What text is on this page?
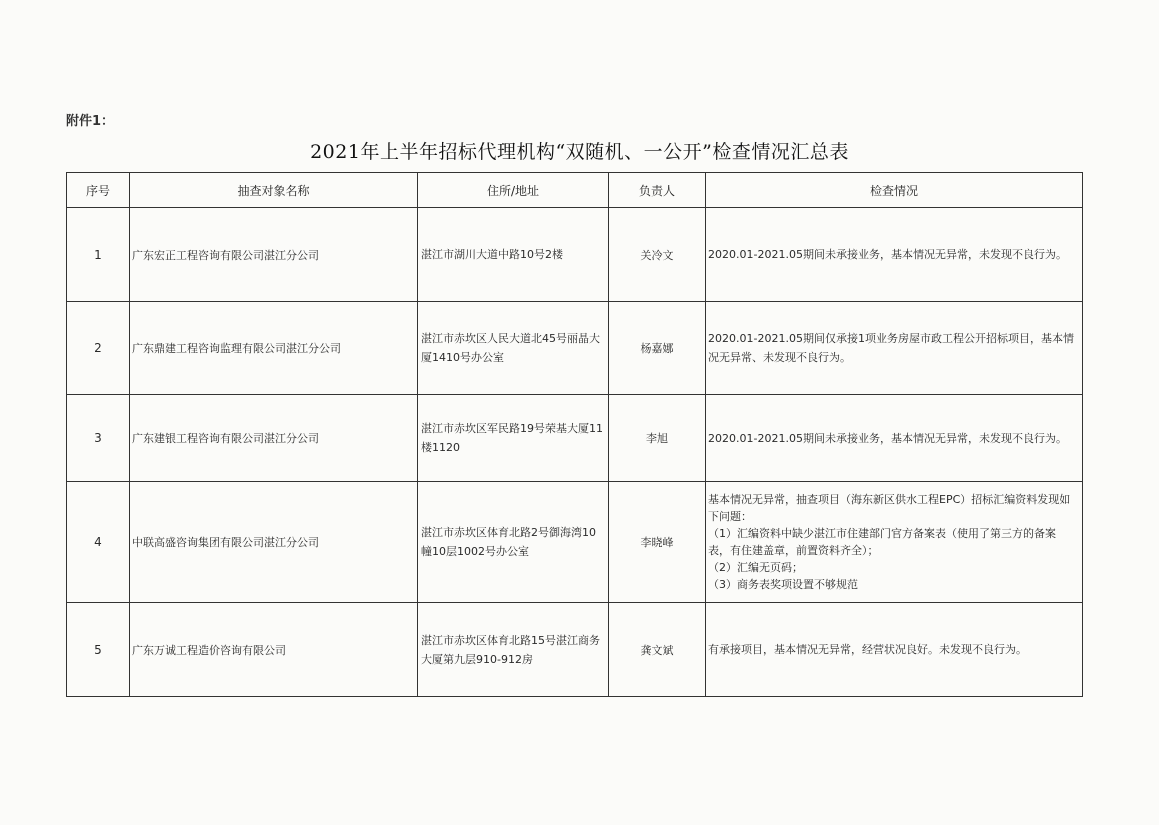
附件1：
2021年上半年招标代理机构“双随机、一公开”检查情况汇总表
序号	抽查对象名称	住所/地址	负责人	检查情况
1	广东宏正工程咨询有限公司湛江分公司	湛江市湖川大道中路10号2楼	关冷文	2020.01-2021.05期间未承接业务，基本情况无异常，未发现不良行为。

2	广东鼎建工程咨询监理有限公司湛江分公司	湛江市赤坎区人民大道北45号丽晶大厦1410号办公室	杨嘉娜	2020.01-2021.05期间仅承接1项业务房屋市政工程公开招标项目，基本情况无异常、未发现不良行为。

3	广东建银工程咨询有限公司湛江分公司	湛江市赤坎区军民路19号荣基大厦11楼1120	李旭	2020.01-2021.05期间未承接业务，基本情况无异常，未发现不良行为。

4	中联高盛咨询集团有限公司湛江分公司	湛江市赤坎区体育北路2号御海湾10幢10层1002号办公室	李晓峰	基本情况无异常，抽查项目（海东新区供水工程EPC）招标汇编资料发现如下问题：
（1）汇编资料中缺少湛江市住建部门官方备案表（使用了第三方的备案表，有住建盖章，前置资料齐全）；
（2）汇编无页码；
（3）商务表奖项设置不够规范

5	广东万诚工程造价咨询有限公司	湛江市赤坎区体育北路15号湛江商务大厦第九层910-912房	龚文斌	有承接项目，基本情况无异常，经营状况良好。未发现不良行为。
